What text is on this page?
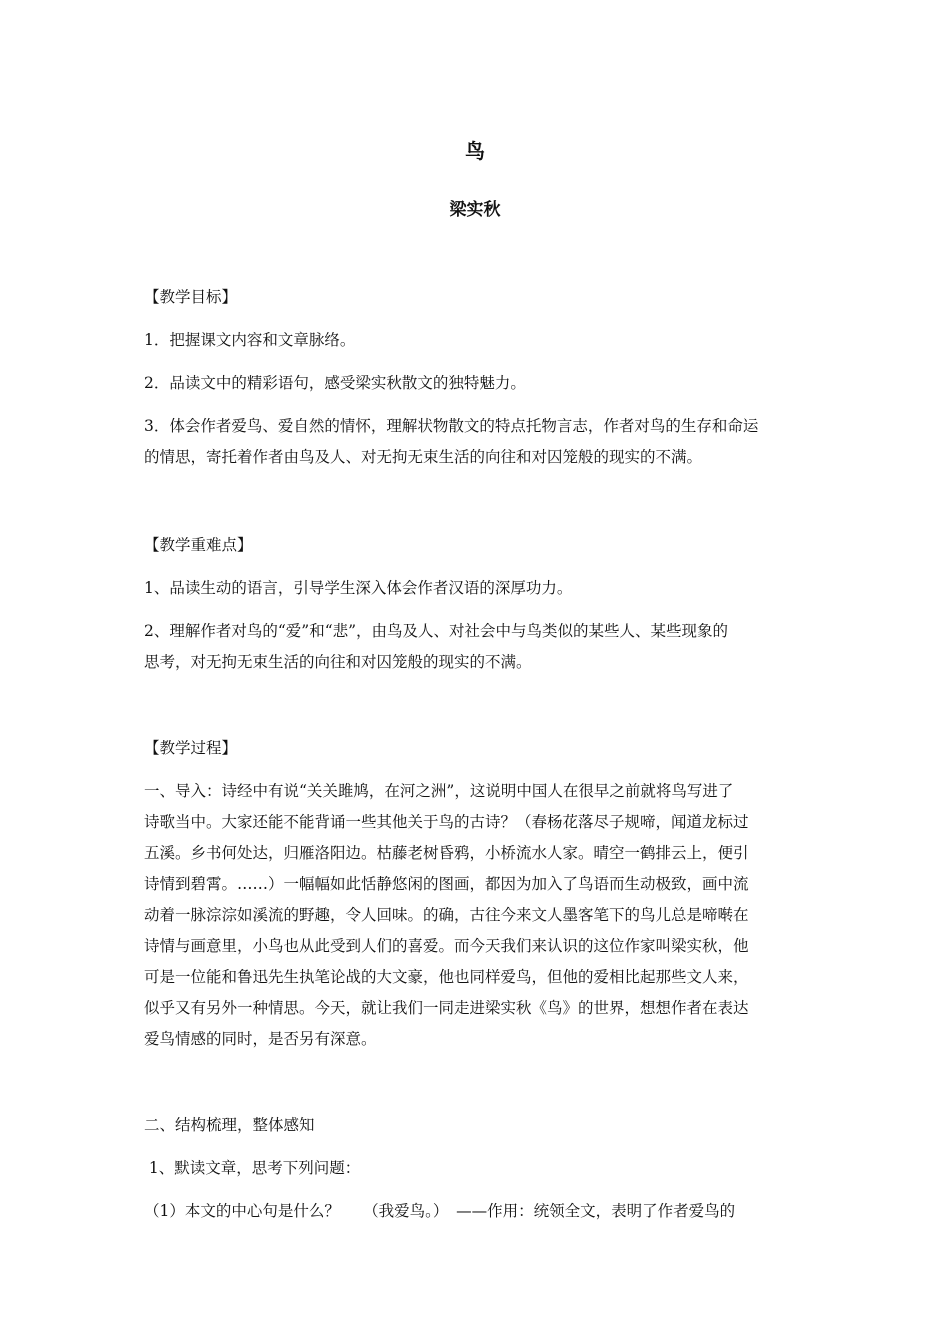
鸟
梁实秋
【教学目标】
1．把握课文内容和文章脉络。
2．品读文中的精彩语句，感受梁实秋散文的独特魅力。
3．体会作者爱鸟、爱自然的情怀，理解状物散文的特点托物言志，作者对鸟的生存和命运
的情思，寄托着作者由鸟及人、对无拘无束生活的向往和对囚笼般的现实的不满。
【教学重难点】
1、品读生动的语言，引导学生深入体会作者汉语的深厚功力。
2、理解作者对鸟的“爱”和“悲”，由鸟及人、对社会中与鸟类似的某些人、某些现象的
思考，对无拘无束生活的向往和对囚笼般的现实的不满。
【教学过程】
一、导入：诗经中有说“关关雎鸠，在河之洲”，这说明中国人在很早之前就将鸟写进了
诗歌当中。大家还能不能背诵一些其他关于鸟的古诗？（春杨花落尽子规啼，闻道龙标过
五溪。乡书何处达，归雁洛阳边。枯藤老树昏鸦，小桥流水人家。晴空一鹤排云上，便引
诗情到碧霄。……）一幅幅如此恬静悠闲的图画，都因为加入了鸟语而生动极致，画中流
动着一脉淙淙如溪流的野趣，令人回味。的确，古往今来文人墨客笔下的鸟儿总是啼啭在
诗情与画意里，小鸟也从此受到人们的喜爱。而今天我们来认识的这位作家叫梁实秋，他
可是一位能和鲁迅先生执笔论战的大文豪，他也同样爱鸟，但他的爱相比起那些文人来，
似乎又有另外一种情思。今天，就让我们一同走进梁实秋《鸟》的世界，想想作者在表达
爱鸟情感的同时，是否另有深意。
二、结构梳理，整体感知
1、默读文章，思考下列问题：
（1）本文的中心句是什么？　　（我爱鸟。）　——作用：统领全文，表明了作者爱鸟的
